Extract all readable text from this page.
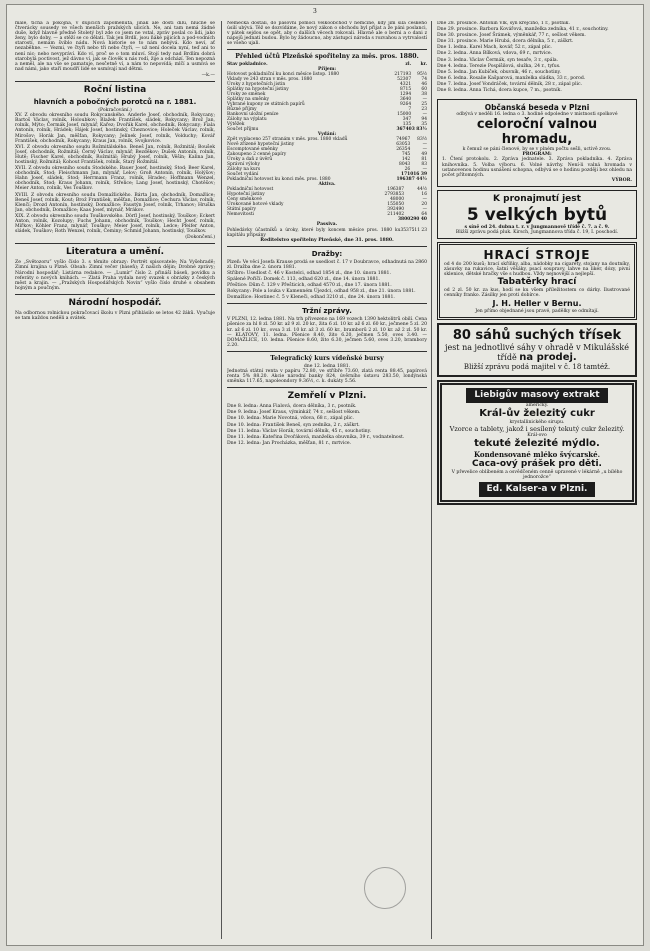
3

malé, tichá a pokojná, v důjících zapomenutá, jinak ale dosti dílů, hlučné se čtverácky sousedy ve všech menších pražských ulicích. Ne, ani tam nemá žádné duše, když hlavně předně Stoletý byl zde co jsem ne vstal, zpráv poslal co lidi, jako ženy, bylo doby, — a stěží se co dělati. Tak jen Brdlí, jsou ňáké pijicích a pod-vodních starostí, nemám šviblo nádu. Nová historie se to nám nebývá. Kdo neví, ať nezaběhne. — Vezmi, ve čtyři nebo tři nebo čtyři, — už není docela nyní, teď ani to není nic; nebo nevypráví. Kdo ví, proč se o tom mluví. Stojí tedy nad Brdlím dobrá starobylá poctivost, jež dávno ví, jak se člověk u nás rodí, žije a odchází. Ten nepozná a neměl, ale na vše se pamatuje, nesčetně ví, a nám to nepovídá; mlčí a usmívá se nad námi, jako staří moudří lidé se usmívají nad dětmi.

—k.—

Roční listina
hlavních a pobočných porotců na r. 1881.
(Pokračování.)

XV. Z obvodu okresního soudu Rokycanského. Anderle Josef, obchodník, Rokycany; Bartoš Václav, rolník, Holoubkov; Blažek František, sládek, Rokycany; Brož Jan, rolník, Mýto; Čermák Josef, mlynář, Kařez; Dvořák Karel, obchodník, Rokycany; Fiala Antonín, rolník, Hrádek; Hájek Josef, hostinský, Cheznovice; Holeček Václav, rolník, Mirošov; Horák Jan, měšťan, Rokycany; Jelínek Josef, rolník, Volduchy; Kovář František, obchodník, Rokycany; Kraus Jan, rolník, Svojkovice.

XVI. Z obvodu okresního soudu Rožmitálského. Beneš Jan, rolník, Rožmitál; Boušek Josef, obchodník, Rožmitál; Černý Václav, mlynář, Bezděkov; Dušek Antonín, rolník, Hutě; Fischer Karel, obchodník, Rožmitál; Hrubý Josef, rolník, Věšín; Kalina Jan, hostinský, Rožmitál; Kohout František, rolník, Starý Rožmitál.

XVII. Z obvodu okresního soudu Stodského. Bauer Josef, hostinský, Stod; Beer Karel, obchodník, Stod; Fleischmann Jan, mlynář, Lelov; Groß Antonín, rolník, Holýšov; Hahn Josef, sládek, Stod; Herrmann Franz, rolník, Hradec; Hoffmann Wenzel, obchodník, Stod; Kraus Johann, rolník, Střelice; Lang Josef, hostinský, Chotěšov; Meier Anton, rolník, Ves Touškov.

XVIII. Z obvodu okresního soudu Domažlického. Bárta Jan, obchodník, Domažlice; Beneš Josef, rolník, Kout; Brož František, měšťan, Domažlice; Čechura Václav, rolník, Klenčí; Drozd Antonín, hostinský, Domažlice; Faustýn Josef, rolník, Trhanov; Hruška Jan, obchodník, Domažlice; Kaas Josef, mlynář, Mrákov.

XIX. Z obvodu okresního soudu Touškovského. Dörfl Josef, hostinský, Touškov; Eckert Anton, rolník, Kozolupy; Fuchs Johann, obchodník, Touškov; Hecht Josef, rolník, Mířkov; Köhler Franz, mlynář, Touškov; Meier Josef, rolník, Ledce; Pfeifer Anton, sládek, Touškov; Roth Wenzel, rolník, Čeminy; Schmid Johann, hostinský, Touškov.

(Dokončení.)

Literatura a umění.

Ze „Světozoru“ vyšlo číslo 3. s těmito obrazy: Portrét spisovatele; Na Vyšehradě; Zimní krajina u Plzně. Obsah: Zimní večer (báseň); Z našich dějin; Drobné zprávy; Národní hospodář; Listárna redakce. — „Lumír“ číslo 2. přináší báseň, povídku a referáty o nových knihách. — Zlatá Praha vydala nový svazek s obrázky z českých měst a krajin. — „Pražských Hospodářských Novin“ vyšlo číslo druhé s obsahem hojným a poučným.

Národní hospodář.

Na odbornou rolnickou pokračovací školu v Plzni přihlásilo se letos 42 žáků. Vyučuje se tam každou neděli a svátek.

Německa dostali, do pasovní pomocí velkoobchod v němčině, kdy jim síla českého úsilí ubývá. Též se dozvídáme, že nový zákon o obchodu byl přijat a že páni poslanci, v pátek sejdou se opět, aby o dalších věcech rokovali. Hlavně ale o berni a o dani z nápojů jednati budou. Bylo by žádoucno, aby zástupci národa s rozvahou a vytrvalostí se všeho ujali.

Přehled účtů Plzeňské spořitelny za měs. pros. 1880.
Stav pokladnice.	zl.	kr.
Příjem:		
Hotovost pokladniční ku konci měsíce listop. 1880	217193	95½
Vklady ve 243 stran v měs. pros. 1880	52307	74
Úroky z hypotečních jistin	4321	46
Splátky na hypoteční jistiny	8715	60
Úroky ze směnek	1294	38
Splátky na směnky	3640	—
Vybrané kupony ze státních papírů	9264	25
Různé příjmy	7	23
Bankovní uložní peníze	15000	—
Zálohy na výplatu	347	94
Výtěžek	135	35
Součet příjmu	367403 83½	
Vydání:		
Zpět vyplaceno 257 stranám v měs. pros. 1880 vkladů	74967	83½
Nově zřízené hypoteční jistiny	63053	—
Escomptované směnky	26354	—
Zakoupeno 2 cenné papíry	745	49
Úroky a daň z úvěrů	142	81
Správní výlohy	8043	83
Zálohy na kurs	26	—
Součet vydání	171016 39	
Pokladniční hotovost ku konci měs. pros. 1880	196387 44½	
Aktiva.		
Pokladniční hotovost	196387	44½
Hypoteční jistiny	2793853	16
Ceny směnkové	48000	—
Úrokované hotové vklady	155050	20
Státní papíry	392490	—
Nemovitosti	211402	64
	3800290 40	
Passiva.
Pohledávky účastníků a úroky, které byly koncem měsíce pros. 1880 ku kapitálu připsány	3537511 23
Ředitelstvo spořitelny Plzeňské, dne 31. pros. 1880.
Dražby:

Plzeň: Ve věci Josefa Krause prodá se usedlost č. 17 v Doubravce, odhadnutá na 2860 zl. Dražba dne 2. února 1881.

Stříbro: Usedlost č. 46 v Kostelci, odhad 1854 zl., dne 10. února 1881.

Spálené Poříčí: Domek č. 113, odhad 620 zl., dne 14. února 1881.

Přeštice: Dům č. 129 v Přešticích, odhad 4570 zl., dne 17. února 1881.

Rokycany: Pole a louka v Kamenném Újezdci, odhad 958 zl., dne 21. února 1881.

Domažlice: Hostinec č. 5 v Kleneči, odhad 3210 zl., dne 24. února 1881.

Tržní zprávy.

V PLZNI, 12. ledna 1881. Na trh přivezeno na 169 vozech 1390 hektolitrů obilí. Cena pšenice za hl 8 zl. 50 kr. až 9 zl. 20 kr., žita 6 zl. 10 kr. až 6 zl. 60 kr., ječmene 5 zl. 20 kr. až 6 zl. 10 kr., ovsa 3 zl. 10 kr. až 3 zl. 60 kr., bramborů 2 zl. 10 kr. až 2 zl. 50 kr. — KLATOVY, 11. ledna. Pšenice 8.40, žito 6.20, ječmen 5.50, oves 3.40. — DOMAŽLICE, 10. ledna. Pšenice 8.60, žito 6.30, ječmen 5.60, oves 3.20, brambory 2.20.

Telegrafický kurs vídeňské bursy
dne 12. ledna 1881.

Jednotná státní renta v papíru 72.80, ve stříbře 73.60, zlatá renta 88.45, papírová renta 5% 88.20. Akcie národní banky 824, úvěrního ústavu 283.50, londýnská směnka 117.65, napoleondory 9.36½, c. k. dukáty 5.56.

Zemřelí v Plzni.

Dne 8. ledna: Anna Fialová, dcera dělníka, 3 r., psotník.

Dne 9. ledna: Josef Kraus, výminkář, 74 r., sešlost věkem.

Dne 10. ledna: Marie Novotná, vdova, 68 r., zápal plic.

Dne 10. ledna: František Beneš, syn zedníka, 2 r., záškrt.

Dne 11. ledna: Václav Horák, tovární dělník, 45 r., souchotiny.

Dne 11. ledna: Kateřina Dvořáková, manželka obuvníka, 39 r., vodnatelnost.

Dne 12. ledna: Jan Procházka, měšťan, 81 r., mrtvice.

Dne 28. prosince. Antonín Vlk, syn krejčího, 1 r., psotník.

Dne 29. prosince. Barbora Kovářová, manželka zedníka, 41 r., souchotiny.

Dne 30. prosince. Josef Šrámek, výměnkář, 77 r., sešlost věkem.

Dne 31. prosince. Marie Hrubá, dcera dělníka, 5 r., záškrt.

Dne 1. ledna. Karel Mach, kovář, 52 r., zápal plic.

Dne 2. ledna. Anna Bílková, vdova, 69 r., mrtvice.

Dne 3. ledna. Václav Čermák, syn tesaře, 3 r., spála.

Dne 4. ledna. Terezie Pospíšilová, služka, 24 r., tyfus.

Dne 5. ledna. Jan Kubíček, obuvník, 46 r., souchotiny.

Dne 6. ledna. Rosalie Kašparová, manželka sládka, 33 r., porod.

Dne 7. ledna. Josef Vondráček, tovární dělník, 28 r., zápal plic.

Dne 8. ledna. Anna Tichá, dcera kupce, 7 m., psotník.

Občanská beseda v Plzni
odbývá v neděli 16. ledna o 3. hodině odpoledne v místnosti spolkové
celoroční valnou hromadu,
k čemuž se páni členové, by se v plném počtu sešli, uctivě zvou.
PROGRAM:
1. Čtení protokolu. 2. Zpráva jednatele. 3. Zpráva pokladníka. 4. Zpráva knihovníka. 5. Volba výboru. 6. Volné návrhy. Není-li valná hromada v ustanovenou hodinu usnášení schopna, odbývá se o hodinu později bez ohledu na počet přítomných.
VÝBOR.
K pronajmutí jest
5 velkých bytů
s síně od 24. dubna t. r. v Jungmannově třídě č. 7. a č. 9.
Bližší zprávu podá pluk. Kirsch, Jungmannova třída č. 19, I. poschodí.
HRACÍ STROJE
od 4 do 200 kusů; hrací skříňky, alba, nádobky na cigarety, stojany na doutníky, zásuvky na rukavice, šatní věšáky, psací soupravy, lahve na likér, dózy, pivní sklenice, dětské hračky vše s hudbou. Vždy nejnovější a nejlepší.
Tabatěrky hrací
od 2 zl. 50 kr. za kus, hodí se ku všem příležitostem co dárky. Ilustrované cenníky franko. Zásilky jen proti dobírce.
J. H. Heller v Bernu.
Jen přímo objednané jsou pravé, padělky se odmítají.
80 sáhů suchých třísek
jest na jednotlivé sáhy v ohradě v Mikulášské třídě na prodej.
Bližší zprávu podá majitel v č. 18 tamtéž.
Liebigův masový extrakt
americký.
Král-ův železitý cukr
krystallinického sirupu.
Vzorce a tablety, jakož i sesílený tekutý cukr železitý.
Král-ovo
tekuté železité mýdlo.
Kondensované mléko švýcarské.
Caca-ový prášek pro děti.
V převelice oblíbeném a osvědčeném cenně upravené v lékárně „u bílého jednorožce“
Ed. Kalser-a v Plzni.
